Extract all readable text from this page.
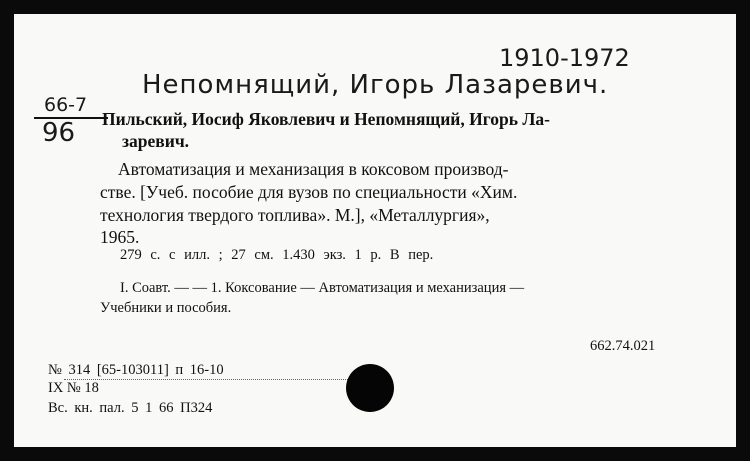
1910-1972
Непомнящий, Игорь Лазаревич.
66-7
96 Пильский, Иосиф Яковлевич и Непомнящий, Игорь Ла-
заревич.
Автоматизация и механизация в коксовом производ-
стве. [Учеб. пособие для вузов по специальности «Хим.
технология твердого топлива». М.], «Металлургия»,
1965.
279 с. с илл. ; 27 см. 1.430 экз. 1 р. В пер.
I. Соавт. — — 1. Коксование — Автоматизация и механизация —
Учебники и пособия.
662.74.021
№ 314 [65-103011] п 16-10
IX № 18
Вс. кн. пал. 5 1 66 П324
